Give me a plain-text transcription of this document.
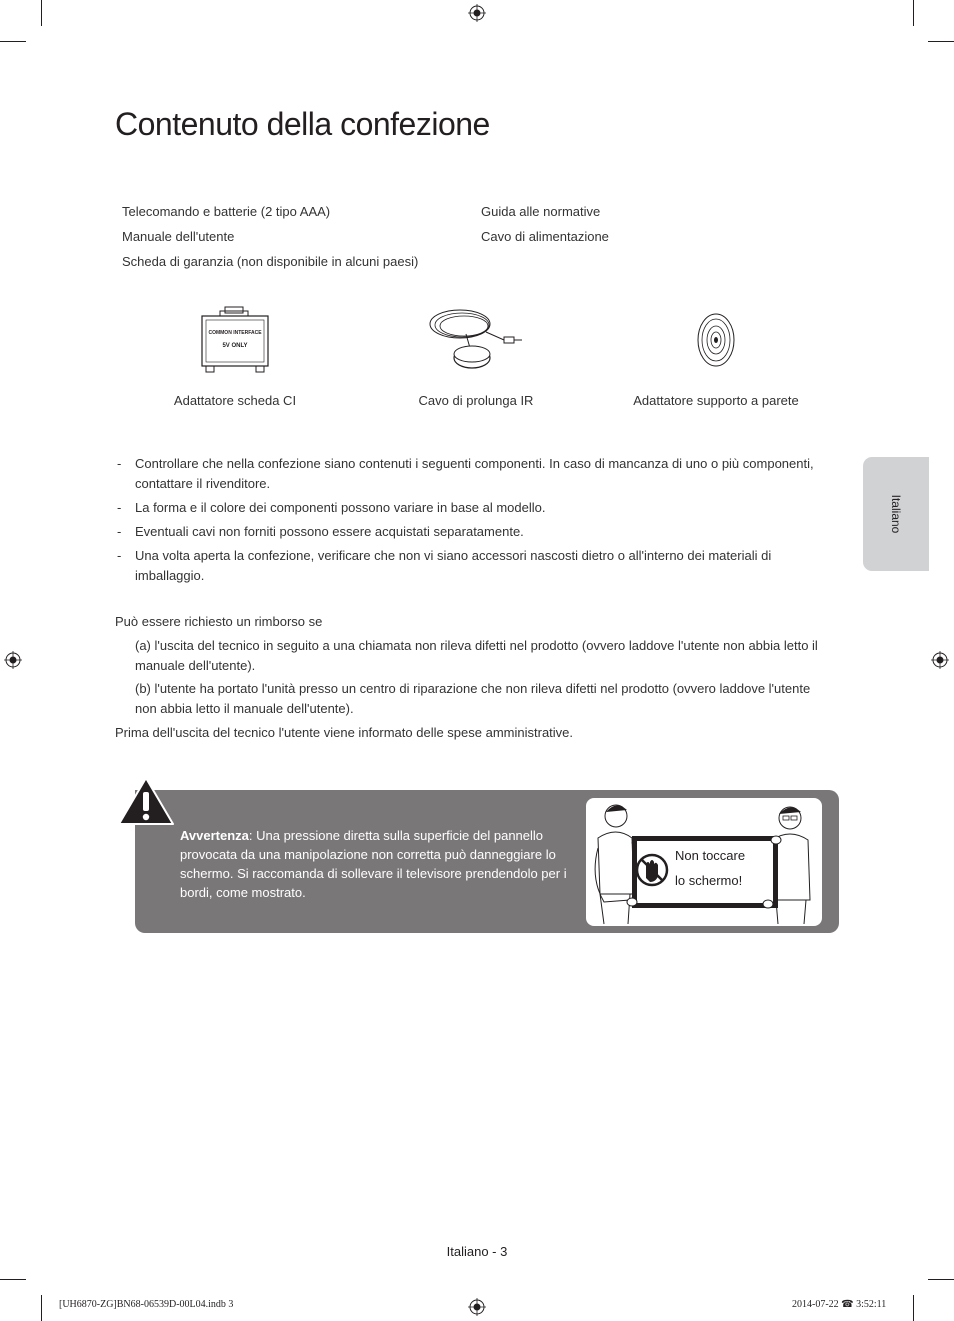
Contenuto della confezione
Telecomando e batterie (2 tipo AAA)
Manuale dell'utente
Scheda di garanzia (non disponibile in alcuni paesi)
Guida alle normative
Cavo di alimentazione
COMMON INTERFACE
5V ONLY
Adattatore scheda CI	Cavo di prolunga IR	Adattatore supporto a parete
- Controllare che nella confezione siano contenuti i seguenti componenti. In caso di mancanza di uno o più componenti, contattare il rivenditore.
- La forma e il colore dei componenti possono variare in base al modello.
- Eventuali cavi non forniti possono essere acquistati separatamente.
- Una volta aperta la confezione, verificare che non vi siano accessori nascosti dietro o all'interno dei materiali di imballaggio.
Può essere richiesto un rimborso se
(a) l'uscita del tecnico in seguito a una chiamata non rileva difetti nel prodotto (ovvero laddove l'utente non abbia letto il manuale dell'utente).
(b) l'utente ha portato l'unità presso un centro di riparazione che non rileva difetti nel prodotto (ovvero laddove l'utente non abbia letto il manuale dell'utente).
Prima dell'uscita del tecnico l'utente viene informato delle spese amministrative.
Italiano
Avvertenza: Una pressione diretta sulla superficie del pannello provocata da una manipolazione non corretta può danneggiare lo schermo. Si raccomanda di sollevare il televisore prendendolo per i bordi, come mostrato.
Non toccare
lo schermo!
Italiano - 3
[UH6870-ZG]BN68-06539D-00L04.indb 3	2014-07-22 ☎ 3:52:11
